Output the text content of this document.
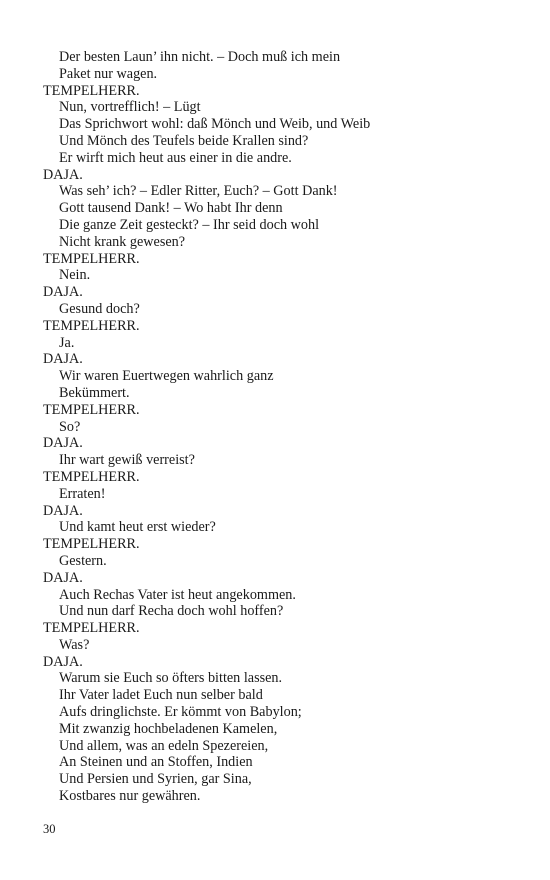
Der besten Laun’ ihn nicht. – Doch muß ich mein
Paket nur wagen.
TEMPELHERR.
Nun, vortrefflich! – Lügt
Das Sprichwort wohl: daß Mönch und Weib, und Weib
Und Mönch des Teufels beide Krallen sind?
Er wirft mich heut aus einer in die andre.
DAJA.
Was seh’ ich? – Edler Ritter, Euch? – Gott Dank!
Gott tausend Dank! – Wo habt Ihr denn
Die ganze Zeit gesteckt? – Ihr seid doch wohl
Nicht krank gewesen?
TEMPELHERR.
Nein.
DAJA.
Gesund doch?
TEMPELHERR.
Ja.
DAJA.
Wir waren Euertwegen wahrlich ganz
Bekümmert.
TEMPELHERR.
So?
DAJA.
Ihr wart gewiß verreist?
TEMPELHERR.
Erraten!
DAJA.
Und kamt heut erst wieder?
TEMPELHERR.
Gestern.
DAJA.
Auch Rechas Vater ist heut angekommen.
Und nun darf Recha doch wohl hoffen?
TEMPELHERR.
Was?
DAJA.
Warum sie Euch so öfters bitten lassen.
Ihr Vater ladet Euch nun selber bald
Aufs dringlichste. Er kömmt von Babylon;
Mit zwanzig hochbeladenen Kamelen,
Und allem, was an edeln Spezereien,
An Steinen und an Stoffen, Indien
Und Persien und Syrien, gar Sina,
Kostbares nur gewähren.
30
